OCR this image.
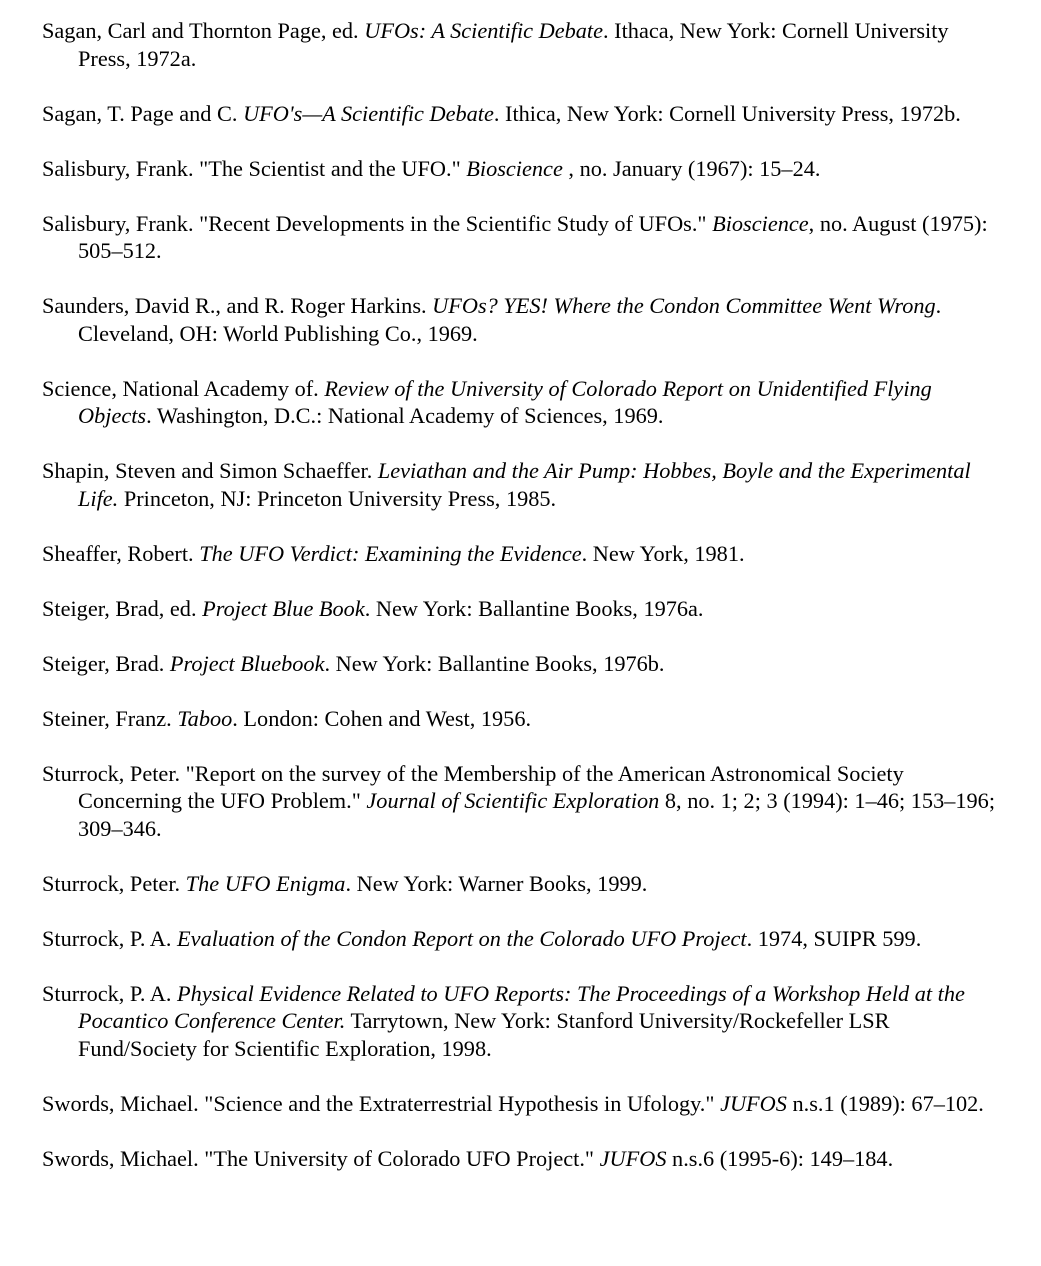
Sagan, Carl and Thornton Page, ed. UFOs: A Scientific Debate. Ithaca, New York: Cornell University Press, 1972a.

Sagan, T. Page and C. UFO's—A Scientific Debate. Ithica, New York: Cornell University Press, 1972b.

Salisbury, Frank. "The Scientist and the UFO." Bioscience , no. January (1967): 15–24.

Salisbury, Frank. "Recent Developments in the Scientific Study of UFOs." Bioscience, no. August (1975): 505–512.

Saunders, David R., and R. Roger Harkins. UFOs? YES! Where the Condon Committee Went Wrong. Cleveland, OH: World Publishing Co., 1969.

Science, National Academy of. Review of the University of Colorado Report on Unidentified Flying Objects. Washington, D.C.: National Academy of Sciences, 1969.

Shapin, Steven and Simon Schaeffer. Leviathan and the Air Pump: Hobbes, Boyle and the Experimental Life. Princeton, NJ: Princeton University Press, 1985.

Sheaffer, Robert. The UFO Verdict: Examining the Evidence. New York, 1981.

Steiger, Brad, ed. Project Blue Book. New York: Ballantine Books, 1976a.

Steiger, Brad. Project Bluebook. New York: Ballantine Books, 1976b.

Steiner, Franz. Taboo. London: Cohen and West, 1956.

Sturrock, Peter. "Report on the survey of the Membership of the American Astronomical Society Concerning the UFO Problem." Journal of Scientific Exploration 8, no. 1; 2; 3 (1994): 1–46; 153–196; 309–346.

Sturrock, Peter. The UFO Enigma. New York: Warner Books, 1999.

Sturrock, P. A. Evaluation of the Condon Report on the Colorado UFO Project. 1974, SUIPR 599.

Sturrock, P. A. Physical Evidence Related to UFO Reports: The Proceedings of a Workshop Held at the Pocantico Conference Center. Tarrytown, New York: Stanford University/Rockefeller LSR Fund/Society for Scientific Exploration, 1998.

Swords, Michael. "Science and the Extraterrestrial Hypothesis in Ufology." JUFOS n.s.1 (1989): 67–102.

Swords, Michael. "The University of Colorado UFO Project." JUFOS n.s.6 (1995-6): 149–184.
